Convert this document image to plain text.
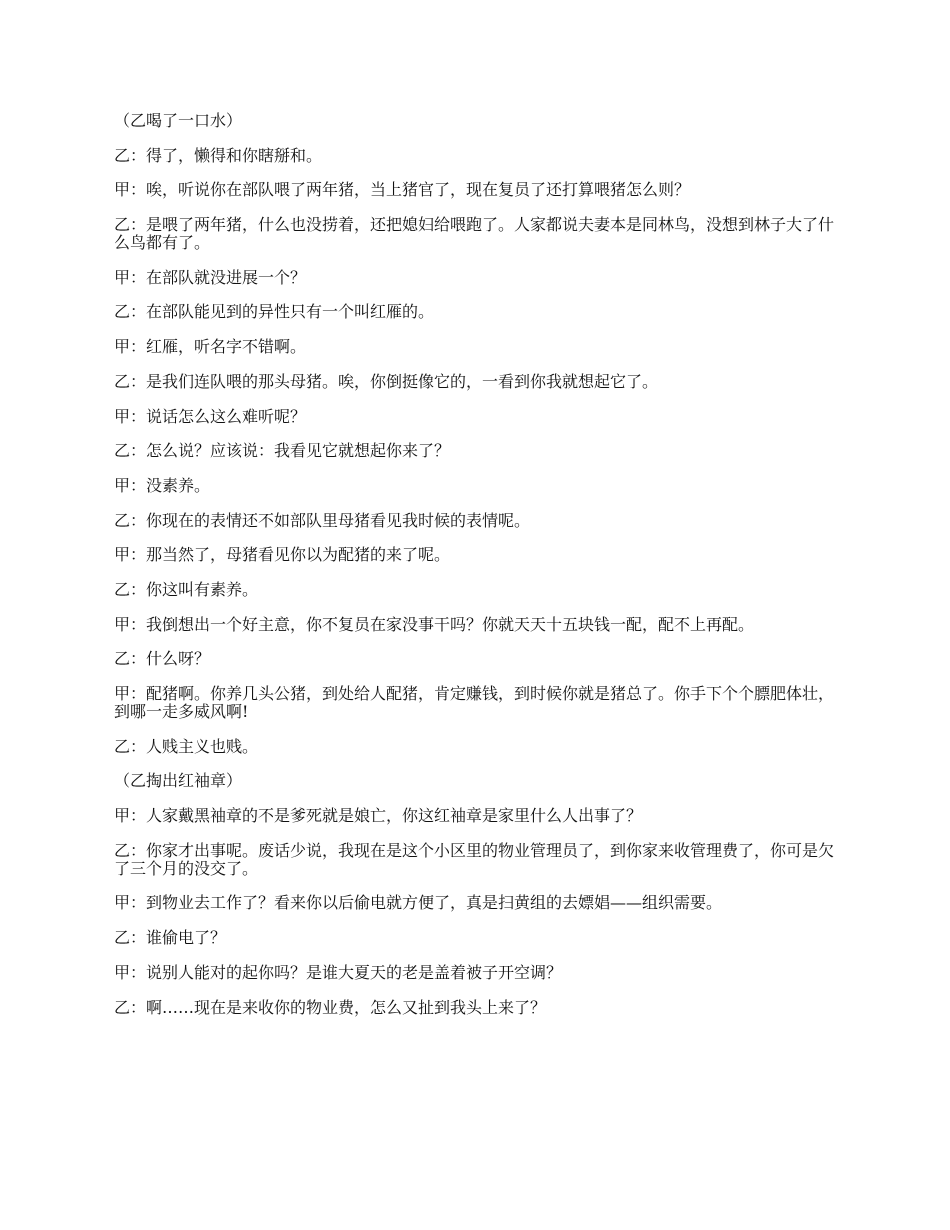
（乙喝了一口水）

乙：得了，懒得和你瞎掰和。

甲：唉，听说你在部队喂了两年猪，当上猪官了，现在复员了还打算喂猪怎么则？

乙：是喂了两年猪，什么也没捞着，还把媳妇给喂跑了。人家都说夫妻本是同林鸟，没想到林子大了什么鸟都有了。

甲：在部队就没进展一个？

乙：在部队能见到的异性只有一个叫红雁的。

甲：红雁，听名字不错啊。

乙：是我们连队喂的那头母猪。唉，你倒挺像它的，一看到你我就想起它了。

甲：说话怎么这么难听呢？

乙：怎么说？应该说：我看见它就想起你来了？

甲：没素养。

乙：你现在的表情还不如部队里母猪看见我时候的表情呢。

甲：那当然了，母猪看见你以为配猪的来了呢。

乙：你这叫有素养。

甲：我倒想出一个好主意，你不复员在家没事干吗？你就天天十五块钱一配，配不上再配。

乙：什么呀？

甲：配猪啊。你养几头公猪，到处给人配猪，肯定赚钱，到时候你就是猪总了。你手下个个膘肥体壮，到哪一走多威风啊!

乙：人贱主义也贱。

（乙掏出红袖章）

甲：人家戴黑袖章的不是爹死就是娘亡，你这红袖章是家里什么人出事了？

乙：你家才出事呢。废话少说，我现在是这个小区里的物业管理员了，到你家来收管理费了，你可是欠了三个月的没交了。

甲：到物业去工作了？看来你以后偷电就方便了，真是扫黄组的去嫖娼——组织需要。

乙：谁偷电了？

甲：说别人能对的起你吗？是谁大夏天的老是盖着被子开空调？

乙：啊……现在是来收你的物业费，怎么又扯到我头上来了？
